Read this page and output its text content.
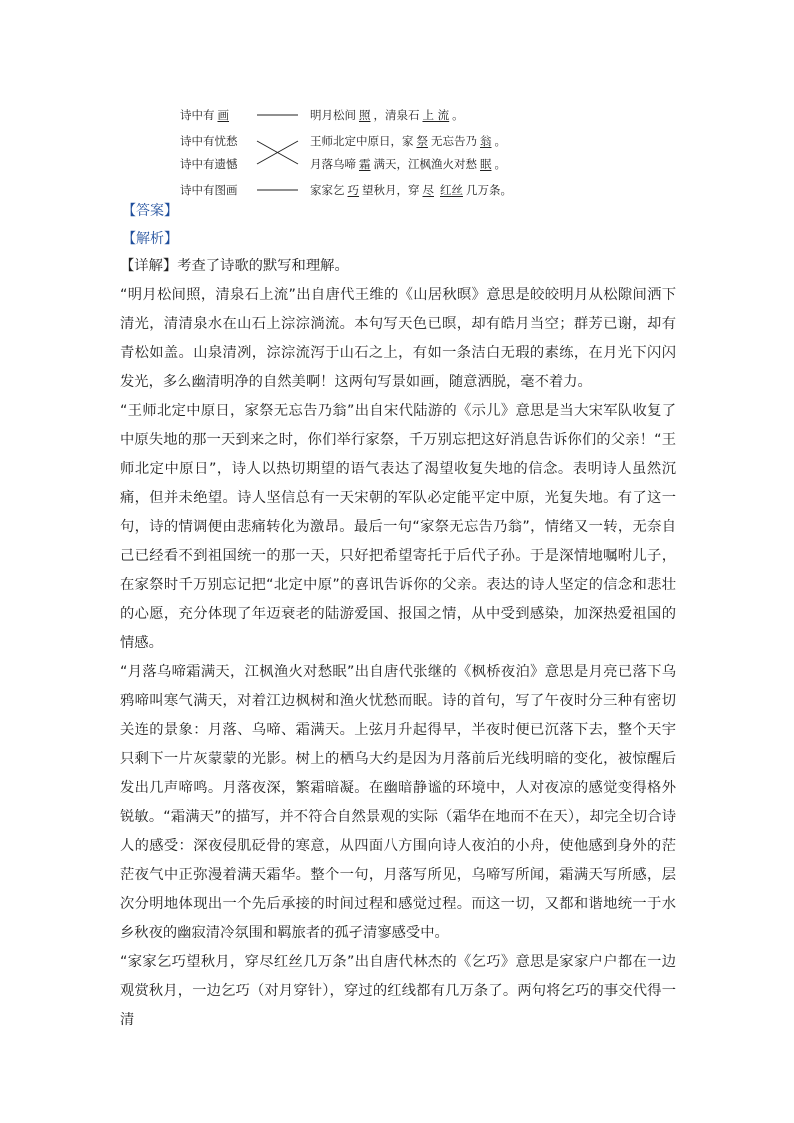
诗中有 画	明月松间 照 ，清泉石 上 流 。
诗中有忧愁	王师北定中原日，家 祭 无忘告乃 翁 。
诗中有遗憾	月落乌啼 霜 满天，江枫渔火对愁 眠 。
诗中有图画	家家乞 巧 望秋月，穿 尽 红丝 几万条。
【答案】
【解析】

【详解】考查了诗歌的默写和理解。

“明月松间照，清泉石上流”出自唐代王维的《山居秋暝》意思是皎皎明月从松隙间洒下清光，清清泉水在山石上淙淙淌流。本句写天色已暝，却有皓月当空；群芳已谢，却有青松如盖。山泉清冽，淙淙流泻于山石之上，有如一条洁白无瑕的素练，在月光下闪闪发光，多么幽清明净的自然美啊！这两句写景如画，随意洒脱，毫不着力。

“王师北定中原日，家祭无忘告乃翁”出自宋代陆游的《示儿》意思是当大宋军队收复了中原失地的那一天到来之时，你们举行家祭，千万别忘把这好消息告诉你们的父亲！“王师北定中原日”，诗人以热切期望的语气表达了渴望收复失地的信念。表明诗人虽然沉痛，但并未绝望。诗人坚信总有一天宋朝的军队必定能平定中原，光复失地。有了这一句，诗的情调便由悲痛转化为激昂。最后一句“家祭无忘告乃翁”，情绪又一转，无奈自己已经看不到祖国统一的那一天，只好把希望寄托于后代子孙。于是深情地嘱咐儿子，在家祭时千万别忘记把“北定中原”的喜讯告诉你的父亲。表达的诗人坚定的信念和悲壮的心愿，充分体现了年迈衰老的陆游爱国、报国之情，从中受到感染，加深热爱祖国的情感。

“月落乌啼霜满天，江枫渔火对愁眠”出自唐代张继的《枫桥夜泊》意思是月亮已落下乌鸦啼叫寒气满天，对着江边枫树和渔火忧愁而眠。诗的首句，写了午夜时分三种有密切关连的景象：月落、乌啼、霜满天。上弦月升起得早，半夜时便已沉落下去，整个天宇只剩下一片灰蒙蒙的光影。树上的栖乌大约是因为月落前后光线明暗的变化，被惊醒后发出几声啼鸣。月落夜深，繁霜暗凝。在幽暗静谧的环境中，人对夜凉的感觉变得格外锐敏。“霜满天”的描写，并不符合自然景观的实际（霜华在地而不在天），却完全切合诗人的感受：深夜侵肌砭骨的寒意，从四面八方围向诗人夜泊的小舟，使他感到身外的茫茫夜气中正弥漫着满天霜华。整个一句，月落写所见，乌啼写所闻，霜满天写所感，层次分明地体现出一个先后承接的时间过程和感觉过程。而这一切，又都和谐地统一于水乡秋夜的幽寂清冷氛围和羁旅者的孤孑清寥感受中。

“家家乞巧望秋月，穿尽红丝几万条”出自唐代林杰的《乞巧》意思是家家户户都在一边观赏秋月，一边乞巧（对月穿针），穿过的红线都有几万条了。两句将乞巧的事交代得一清
